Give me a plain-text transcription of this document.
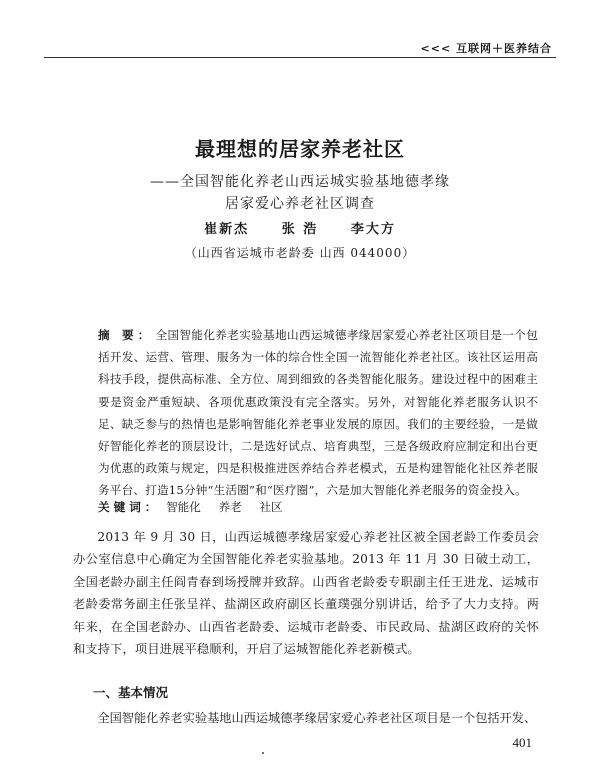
<<< 互联网＋医养结合
最理想的居家养老社区
——全国智能化养老山西运城实验基地德孝缘
居家爱心养老社区调查
崔新杰	张 浩	李大方
（山西省运城市老龄委 山西 044000）

摘 要： 全国智能化养老实验基地山西运城德孝缘居家爱心养老社区项目是一个包括开发、运营、管理、服务为一体的综合性全国一流智能化养老社区。该社区运用高科技手段，提供高标准、全方位、周到细致的各类智能化服务。建设过程中的困难主要是资金严重短缺、各项优惠政策没有完全落实。另外，对智能化养老服务认识不足、缺乏参与的热情也是影响智能化养老事业发展的原因。我们的主要经验，一是做好智能化养老的顶层设计，二是选好试点、培育典型，三是各级政府应制定和出台更为优惠的政策与规定，四是积极推进医养结合养老模式，五是构建智能化社区养老服务平台、打造15分钟“生活圈”和“医疗圈”，六是加大智能化养老服务的资金投入。

关键词： 智能化 养老 社区

2013 年 9 月 30 日，山西运城德孝缘居家爱心养老社区被全国老龄工作委员会办公室信息中心确定为全国智能化养老实验基地。2013 年 11 月 30 日破土动工，全国老龄办副主任阎青春到场授牌并致辞。山西省老龄委专职副主任王进龙、运城市老龄委常务副主任张呈祥、盐湖区政府副区长董璞强分别讲话，给予了大力支持。两年来，在全国老龄办、山西省老龄委、运城市老龄委、市民政局、盐湖区政府的关怀和支持下，项目进展平稳顺利，开启了运城智能化养老新模式。

一、基本情况

全国智能化养老实验基地山西运城德孝缘居家爱心养老社区项目是一个包括开发、

401
